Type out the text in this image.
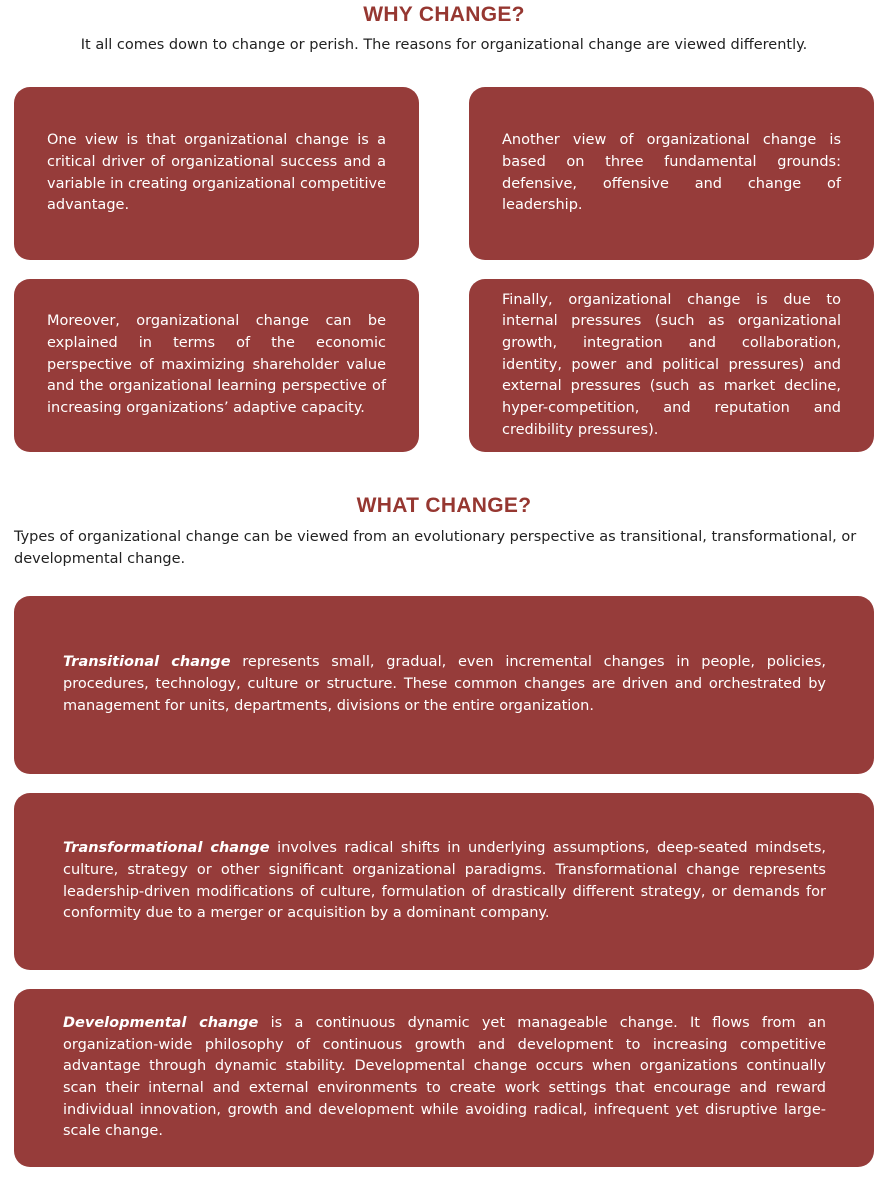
WHY CHANGE?

It all comes down to change or perish. The reasons for organizational change are viewed differently.

One view is that organizational change is a critical driver of organizational success and a variable in creating organizational competitive advantage.

Another view of organizational change is based on three fundamental grounds: defensive, offensive and change of leadership.

Moreover, organizational change can be explained in terms of the economic perspective of maximizing shareholder value and the organizational learning perspective of increasing organizations’ adaptive capacity.

Finally, organizational change is due to internal pressures (such as organizational growth, integration and collaboration, identity, power and political pressures) and external pressures (such as market decline, hyper-competition, and reputation and credibility pressures).

WHAT CHANGE?

Types of organizational change can be viewed from an evolutionary perspective as transitional, transformational, or developmental change.

Transitional change represents small, gradual, even incremental changes in people, policies, procedures, technology, culture or structure. These common changes are driven and orchestrated by management for units, departments, divisions or the entire organization.

Transformational change involves radical shifts in underlying assumptions, deep-seated mindsets, culture, strategy or other significant organizational paradigms. Transformational change represents leadership-driven modifications of culture, formulation of drastically different strategy, or demands for conformity due to a merger or acquisition by a dominant company.

Developmental change is a continuous dynamic yet manageable change. It flows from an organization-wide philosophy of continuous growth and development to increasing competitive advantage through dynamic stability. Developmental change occurs when organizations continually scan their internal and external environments to create work settings that encourage and reward individual innovation, growth and development while avoiding radical, infrequent yet disruptive large-scale change.
